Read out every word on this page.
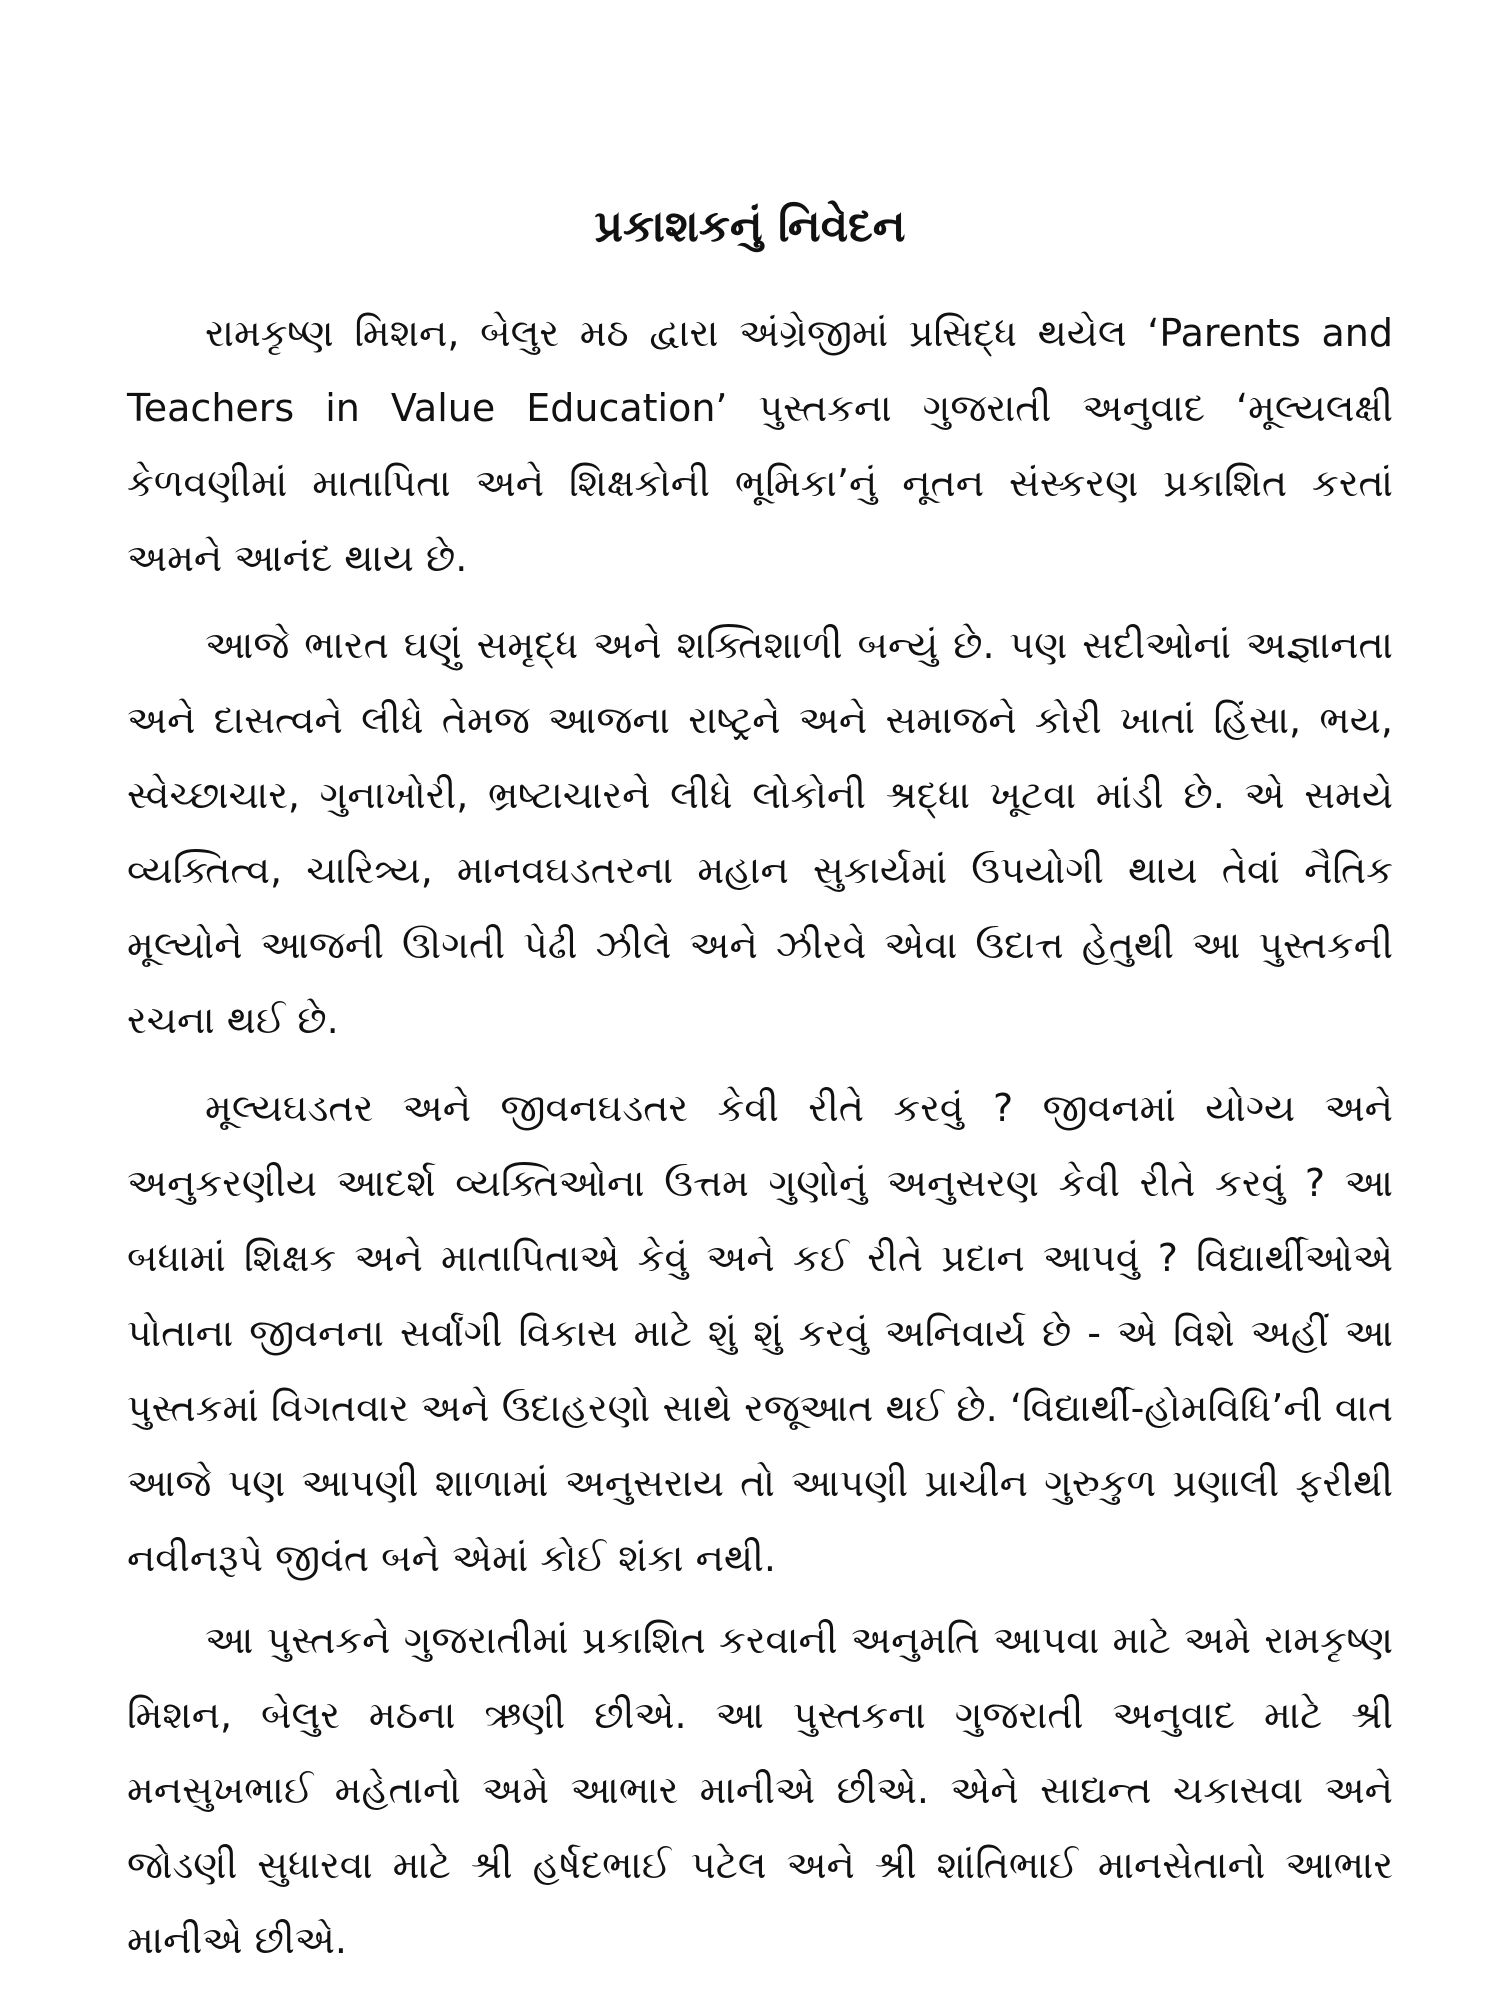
પ્રકાશકનું નિવેદન

રામકૃષ્ણ મિશન, બેલુર મઠ દ્વારા અંગ્રેજીમાં પ્રસિદ્ધ થયેલ ‘Parents and Teachers in Value Education’ પુસ્તકના ગુજરાતી અનુવાદ ‘મૂલ્યલક્ષી કેળવણીમાં માતાપિતા અને શિક્ષકોની ભૂમિકા’નું નૂતન સંસ્કરણ પ્રકાશિત કરતાં અમને આનંદ થાય છે.

આજે ભારત ઘણું સમૃદ્ધ અને શક્તિશાળી બન્યું છે. પણ સદીઓનાં અજ્ઞાનતા અને દાસત્વને લીધે તેમજ આજના રાષ્ટ્રને અને સમાજને કોરી ખાતાં હિંસા, ભય, સ્વેચ્છાચાર, ગુનાખોરી, ભ્રષ્ટાચારને લીધે લોકોની શ્રદ્ધા ખૂટવા માંડી છે. એ સમયે વ્યક્તિત્વ, ચારિત્ર્ય, માનવઘડતરના મહાન સુકાર્યમાં ઉપયોગી થાય તેવાં નૈતિક મૂલ્યોને આજની ઊગતી પેઢી ઝીલે અને ઝીરવે એવા ઉદાત્ત હેતુથી આ પુસ્તકની રચના થઈ છે.

મૂલ્યઘડતર અને જીવનઘડતર કેવી રીતે કરવું ? જીવનમાં યોગ્ય અને અનુકરણીય આદર્શ વ્યક્તિઓના ઉત્તમ ગુણોનું અનુસરણ કેવી રીતે કરવું ? આ બધામાં શિક્ષક અને માતાપિતાએ કેવું અને કઈ રીતે પ્રદાન આપવું ? વિદ્યાર્થીઓએ પોતાના જીવનના સર્વાંગી વિકાસ માટે શું શું કરવું અનિવાર્ય છે - એ વિશે અહીં આ પુસ્તકમાં વિગતવાર અને ઉદાહરણો સાથે રજૂઆત થઈ છે. ‘વિદ્યાર્થી-હોમવિધિ’ની વાત આજે પણ આપણી શાળામાં અનુસરાય તો આપણી પ્રાચીન ગુરુકુળ પ્રણાલી ફરીથી નવીનરૂપે જીવંત બને એમાં કોઈ શંકા નથી.

આ પુસ્તકને ગુજરાતીમાં પ્રકાશિત કરવાની અનુમતિ આપવા માટે અમે રામકૃષ્ણ મિશન, બેલુર મઠના ઋણી છીએ. આ પુસ્તકના ગુજરાતી અનુવાદ માટે શ્રી મનસુખભાઈ મહેતાનો અમે આભાર માનીએ છીએ. એને સાદ્યન્ત ચકાસવા અને જોડણી સુધારવા માટે શ્રી હર્ષદભાઈ પટેલ અને શ્રી શાંતિભાઈ માનસેતાનો આભાર માનીએ છીએ.
